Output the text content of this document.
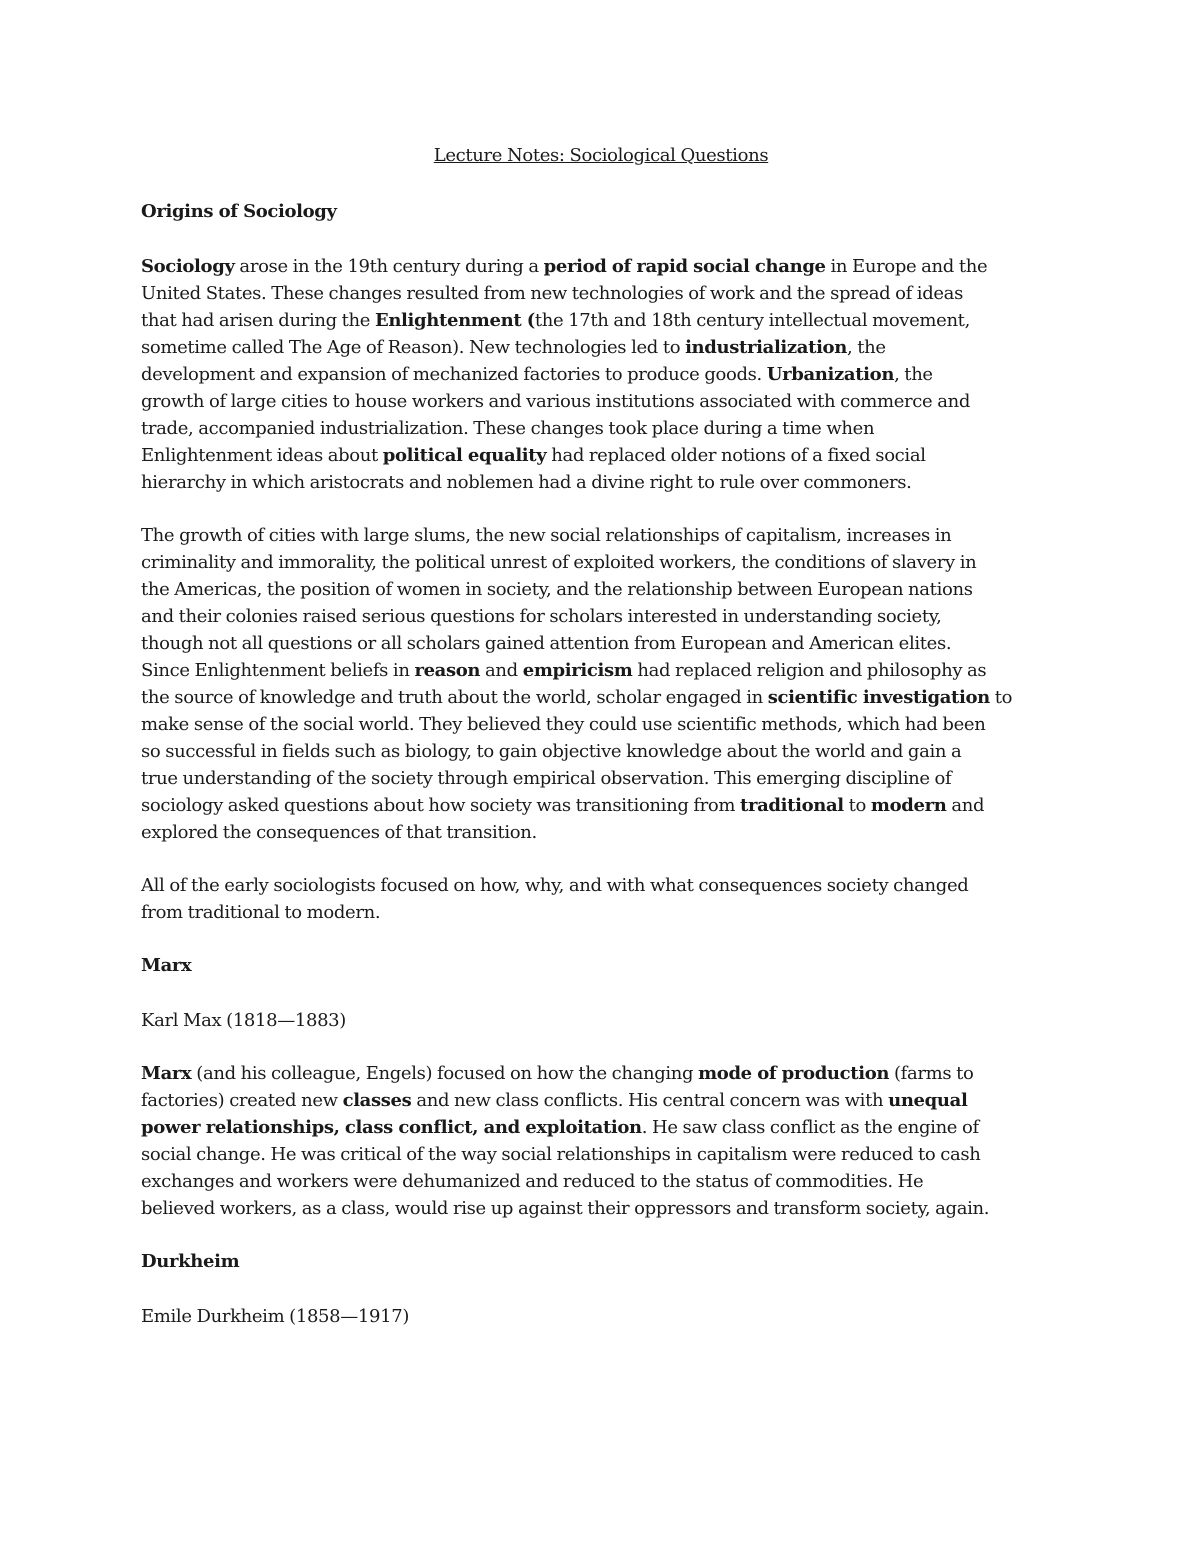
Lecture Notes: Sociological Questions
Origins of Sociology
Sociology arose in the 19th century during a period of rapid social change in Europe and the
United States. These changes resulted from new technologies of work and the spread of ideas
that had arisen during the Enlightenment (the 17th and 18th century intellectual movement,
sometime called The Age of Reason). New technologies led to industrialization, the
development and expansion of mechanized factories to produce goods. Urbanization, the
growth of large cities to house workers and various institutions associated with commerce and
trade, accompanied industrialization. These changes took place during a time when
Enlightenment ideas about political equality had replaced older notions of a fixed social
hierarchy in which aristocrats and noblemen had a divine right to rule over commoners.
The growth of cities with large slums, the new social relationships of capitalism, increases in
criminality and immorality, the political unrest of exploited workers, the conditions of slavery in
the Americas, the position of women in society, and the relationship between European nations
and their colonies raised serious questions for scholars interested in understanding society,
though not all questions or all scholars gained attention from European and American elites.
Since Enlightenment beliefs in reason and empiricism had replaced religion and philosophy as
the source of knowledge and truth about the world, scholar engaged in scientific investigation to
make sense of the social world. They believed they could use scientific methods, which had been
so successful in fields such as biology, to gain objective knowledge about the world and gain a
true understanding of the society through empirical observation. This emerging discipline of
sociology asked questions about how society was transitioning from traditional to modern and
explored the consequences of that transition.
All of the early sociologists focused on how, why, and with what consequences society changed
from traditional to modern.
Marx
Karl Max (1818—1883)
Marx (and his colleague, Engels) focused on how the changing mode of production (farms to
factories) created new classes and new class conflicts. His central concern was with unequal
power relationships, class conflict, and exploitation. He saw class conflict as the engine of
social change. He was critical of the way social relationships in capitalism were reduced to cash
exchanges and workers were dehumanized and reduced to the status of commodities. He
believed workers, as a class, would rise up against their oppressors and transform society, again.
Durkheim
Emile Durkheim (1858—1917)
